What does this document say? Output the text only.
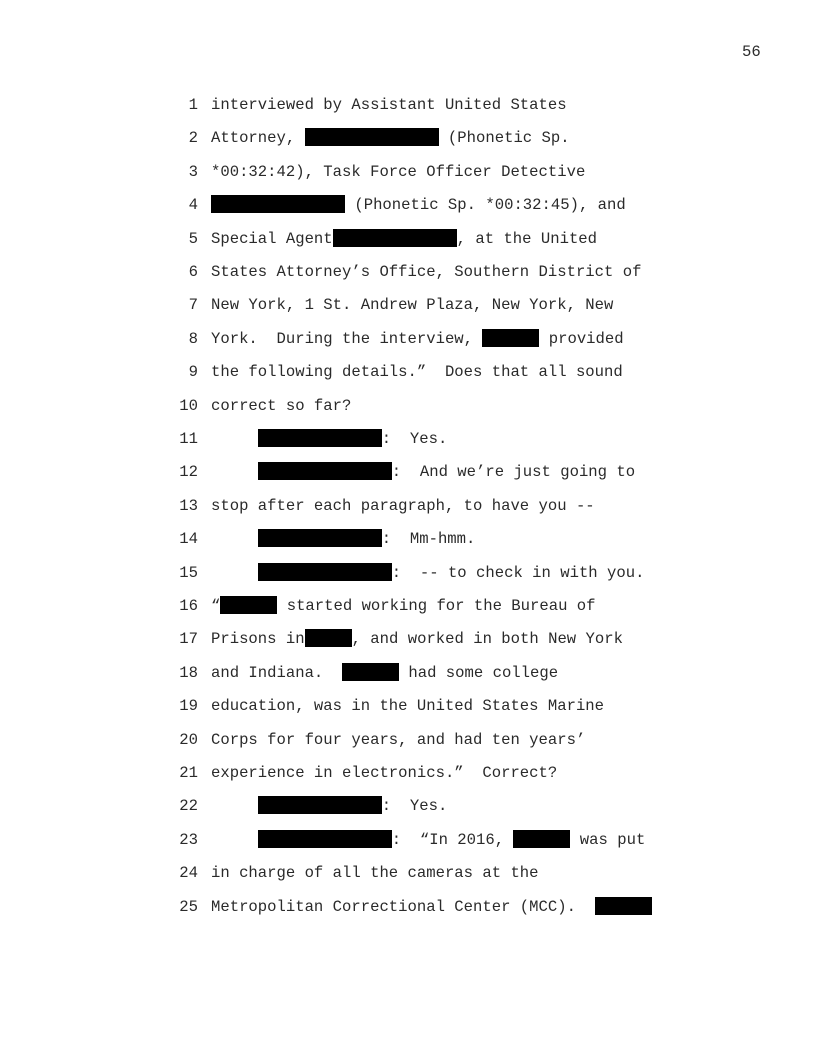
56
1 interviewed by Assistant United States
2 Attorney,	(Phonetic Sp.
3 *00:32:42), Task Force Officer Detective
4	(Phonetic Sp. *00:32:45), and
5 Special Agent	, at the United
6 States Attorney’s Office, Southern District of
7 New York, 1 St. Andrew Plaza, New York, New
8 York.  During the interview,	provided
9 the following details.”  Does that all sound
10 correct so far?
11	:  Yes.
12	:  And we’re just going to
13 stop after each paragraph, to have you --
14	:  Mm-hmm.
15	:  -- to check in with you.
16 “	started working for the Bureau of
17 Prisons in	, and worked in both New York
18 and Indiana.	had some college
19 education, was in the United States Marine
20 Corps for four years, and had ten years’
21 experience in electronics.”  Correct?
22	:  Yes.
23	:  “In 2016,	was put
24 in charge of all the cameras at the
25 Metropolitan Correctional Center (MCC).
